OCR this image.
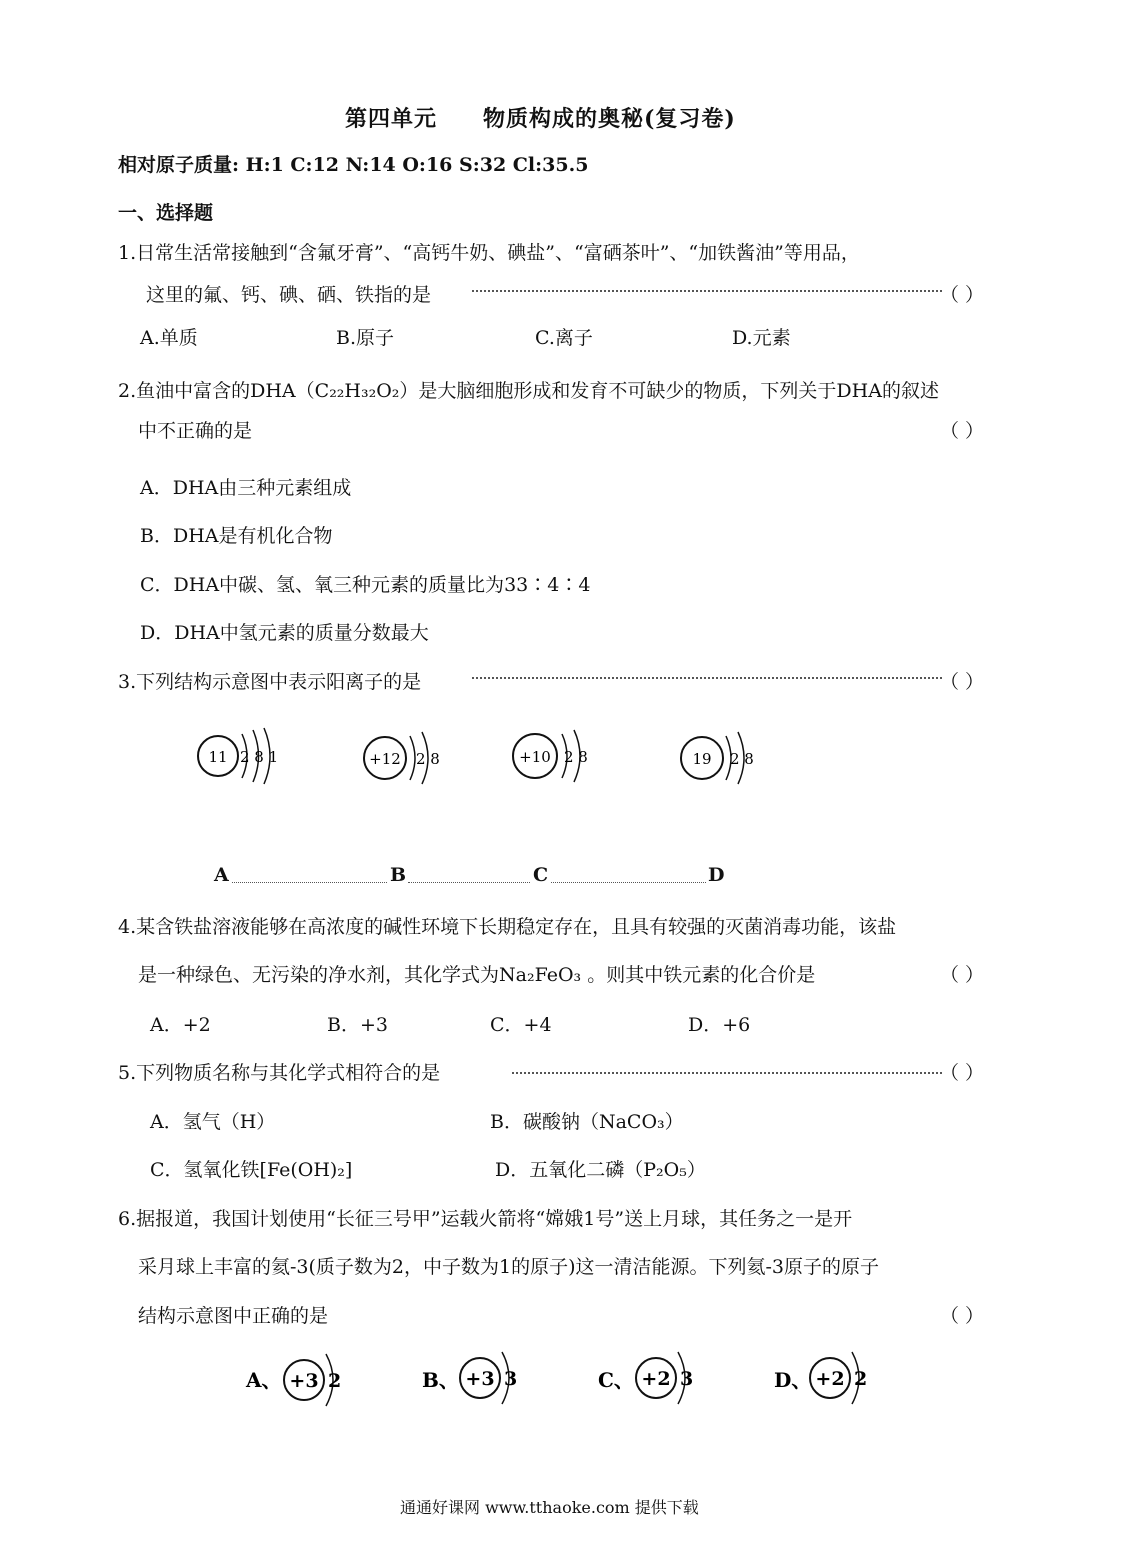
第四单元　　物质构成的奥秘(复习卷)
相对原子质量: H:1 C:12 N:14 O:16 S:32 Cl:35.5
一、选择题
1.日常生活常接触到“含氟牙膏”、“高钙牛奶、碘盐”、“富硒茶叶”、“加铁酱油”等用品，
这里的氟、钙、碘、硒、铁指的是	（ ）
A.单质	B.原子	C.离子	D.元素
2.鱼油中富含的DHA（C₂₂H₃₂O₂）是大脑细胞形成和发育不可缺少的物质，下列关于DHA的叙述
中不正确的是	（ ）
A．DHA由三种元素组成
B．DHA是有机化合物
C．DHA中碳、氢、氧三种元素的质量比为33∶4∶4
D．DHA中氢元素的质量分数最大
3.下列结构示意图中表示阳离子的是	（ ）
11 2 8 1	+12 2 8	+10 2 8	19 2 8
A	B	C	D
4.某含铁盐溶液能够在高浓度的碱性环境下长期稳定存在，且具有较强的灭菌消毒功能，该盐
是一种绿色、无污染的净水剂，其化学式为Na₂FeO₃ 。则其中铁元素的化合价是	（ ）
A．+2	B．+3	C．+4	D．+6
5.下列物质名称与其化学式相符合的是	（ ）
A．氢气（H）	B．碳酸钠（NaCO₃）
C．氢氧化铁[Fe(OH)₂]	D．五氧化二磷（P₂O₅）
6.据报道，我国计划使用“长征三号甲”运载火箭将“嫦娥1号”送上月球，其任务之一是开
采月球上丰富的氦-3(质子数为2，中子数为1的原子)这一清洁能源。下列氦-3原子的原子
结构示意图中正确的是	（ ）
A、 +3 2	B、 +3 3	C、 +2 3	D、 +2 2
通通好课网 www.tthaoke.com 提供下载
